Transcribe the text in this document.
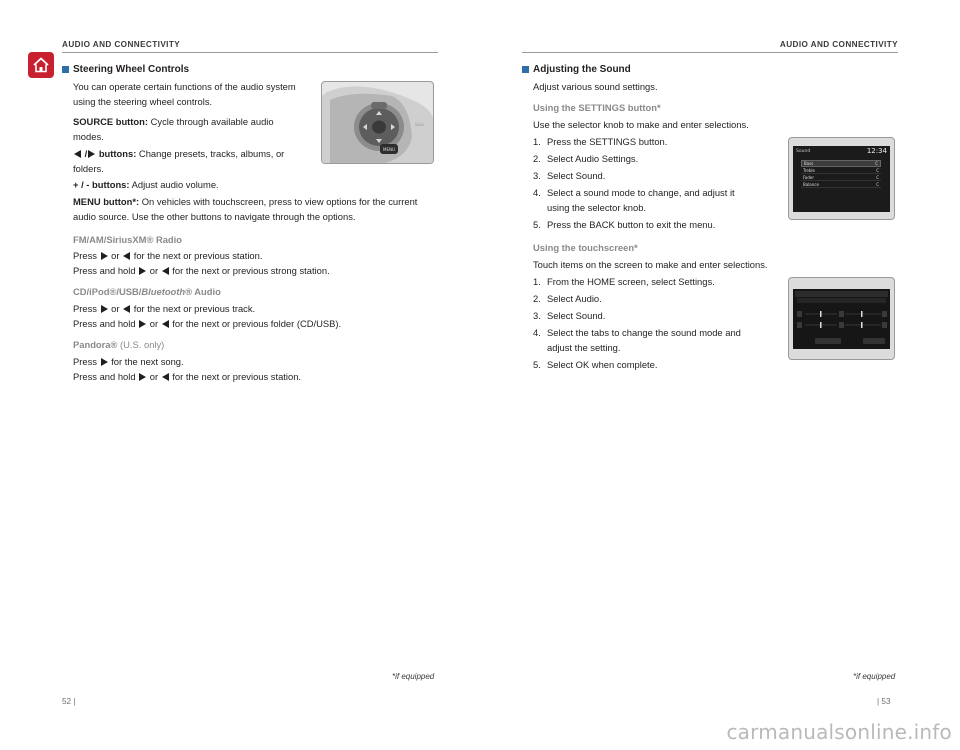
AUDIO AND CONNECTIVITY
Steering Wheel Controls
You can operate certain functions of the audio system using the steering wheel controls.
SOURCE button: Cycle through available audio modes.
/ buttons: Change presets, tracks, albums, or folders.
+ / - buttons: Adjust audio volume.
MENU button*: On vehicles with touchscreen, press to view options for the current audio source. Use the other buttons to navigate through the options.
MENU
Sour
FM/AM/SiriusXM® Radio
Press  or  for the next or previous station.
Press and hold  or  for the next or previous strong station.
CD/iPod®/USB/Bluetooth® Audio
Press  or  for the next or previous track.
Press and hold  or  for the next or previous folder (CD/USB).
Pandora® (U.S. only)
Press  for the next song.
Press and hold  or  for the next or previous station.
*if equipped
52 |
AUDIO AND CONNECTIVITY
Adjusting the Sound
Adjust various sound settings.
Using the SETTINGS button*
Use the selector knob to make and enter selections.
1. Press the SETTINGS button.
2. Select Audio Settings.
3. Select Sound.
4. Select a sound mode to change, and adjust it using the selector knob.
5. Press the BACK button to exit the menu.
Sound	12:34
Bass	C
Treble	C
Fader	C
Balance	C
Using the touchscreen*
Touch items on the screen to make and enter selections.
1. From the HOME screen, select Settings.
2. Select Audio.
3. Select Sound.
4. Select the tabs to change the sound mode and adjust the setting.
5. Select OK when complete.
*if equipped
| 53
carmanualsonline.info
